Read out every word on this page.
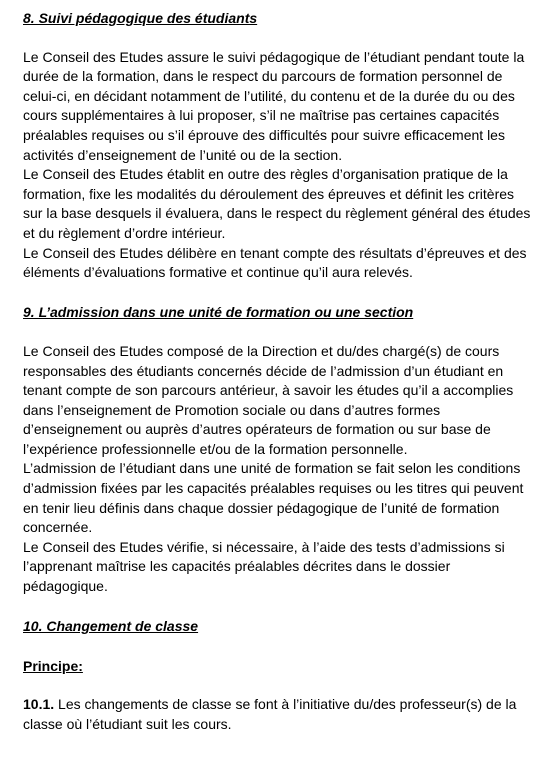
8. Suivi pédagogique des étudiants

Le Conseil des Etudes assure le suivi pédagogique de l’étudiant pendant toute la durée de la formation, dans le respect du parcours de formation personnel de celui-ci, en décidant notamment de l’utilité, du contenu et de la durée du ou des cours supplémentaires à lui proposer, s’il ne maîtrise pas certaines capacités préalables requises ou s’il éprouve des difficultés pour suivre efficacement les activités d’enseignement de l’unité ou de la section.

Le Conseil des Etudes établit en outre des règles d’organisation pratique de la formation, fixe les modalités du déroulement des épreuves et définit les critères sur la base desquels il évaluera, dans le respect du règlement général des études et du règlement d’ordre intérieur.

Le Conseil des Etudes délibère en tenant compte des résultats d’épreuves et des éléments d’évaluations formative et continue qu’il aura relevés.

9. L’admission dans une unité de formation ou une section

Le Conseil des Etudes composé de la Direction et du/des chargé(s) de cours responsables des étudiants concernés décide de l’admission d’un étudiant en tenant compte de son parcours antérieur, à savoir les études qu’il a accomplies dans l’enseignement de Promotion sociale ou dans d’autres formes d’enseignement ou auprès d’autres opérateurs de formation ou sur base de l’expérience professionnelle et/ou de la formation personnelle.

L’admission de l’étudiant dans une unité de formation se fait selon les conditions d’admission fixées par les capacités préalables requises ou les titres qui peuvent en tenir lieu définis dans chaque dossier pédagogique de l’unité de formation concernée.

Le Conseil des Etudes vérifie, si nécessaire, à l’aide des tests d’admissions si l’apprenant maîtrise les capacités préalables décrites dans le dossier pédagogique.

10. Changement de classe

Principe:

10.1. Les changements de classe se font à l’initiative du/des professeur(s) de la classe où l’étudiant suit les cours.
